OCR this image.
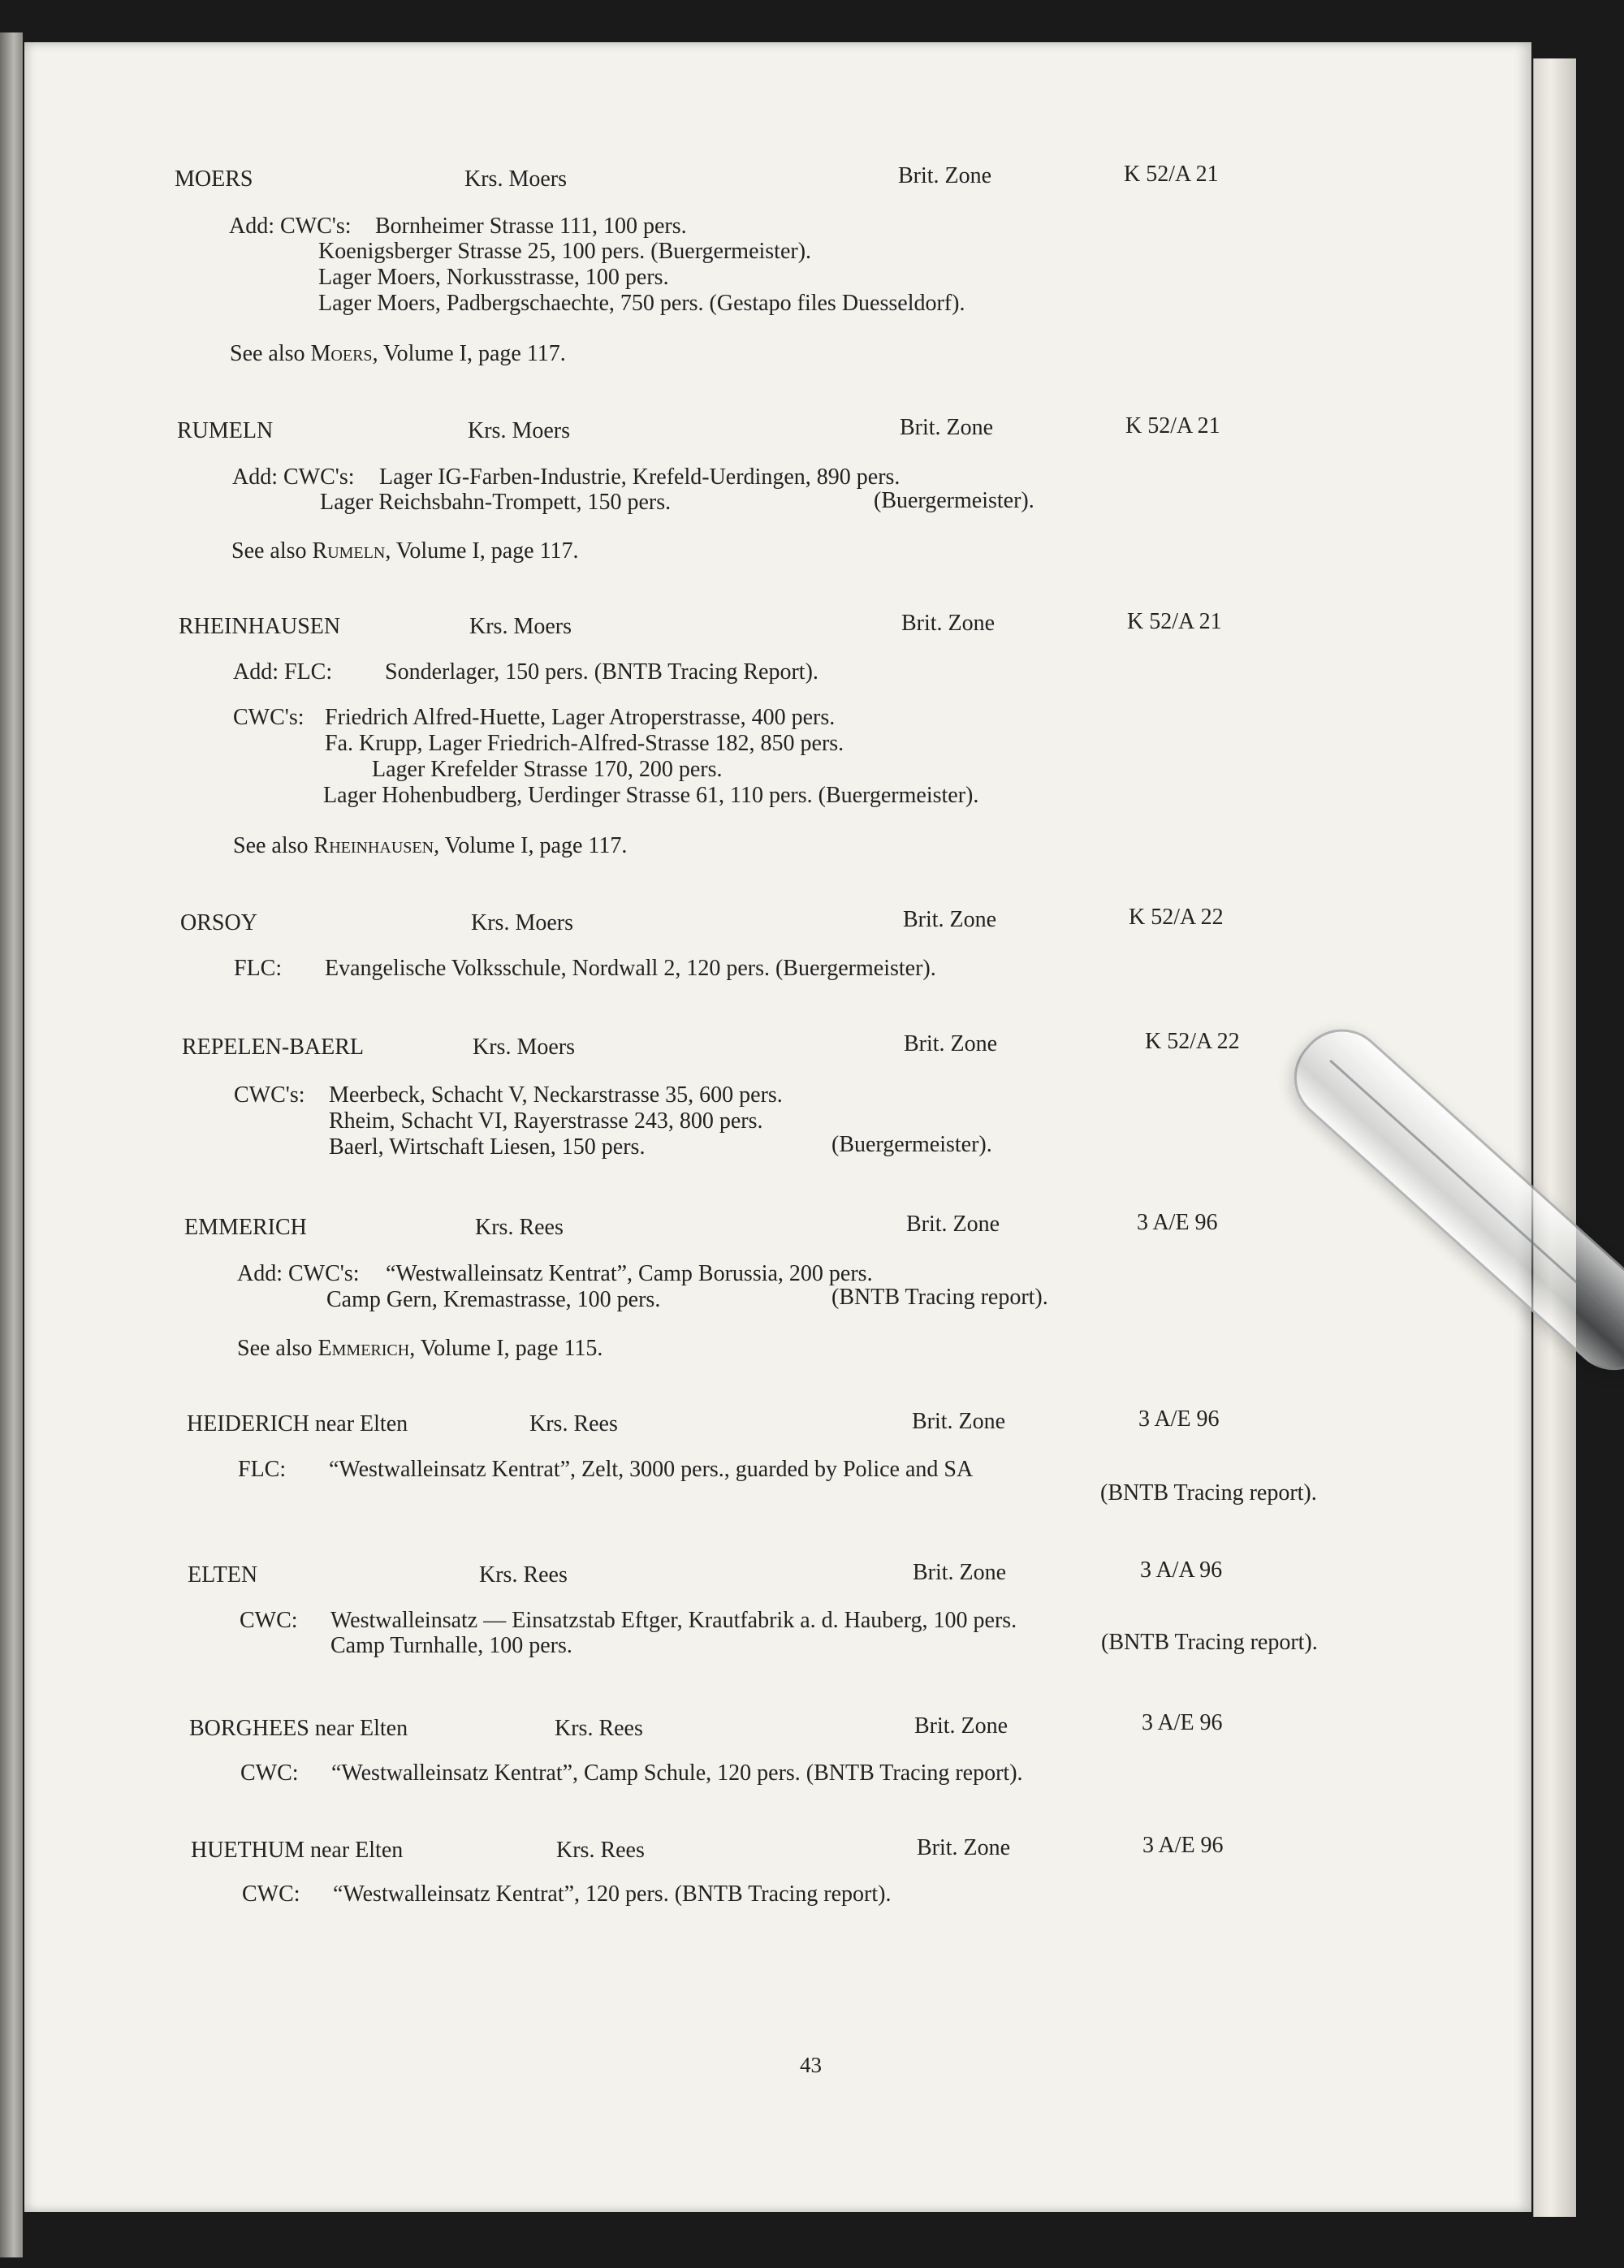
MOERS	Krs. Moers	Brit. Zone	K 52/A 21
Add: CWC's: Bornheimer Strasse 111, 100 pers.
Koenigsberger Strasse 25, 100 pers. (Buergermeister).
Lager Moers, Norkusstrasse, 100 pers.
Lager Moers, Padbergschaechte, 750 pers. (Gestapo files Duesseldorf).
See also Moers, Volume I, page 117.
RUMELN	Krs. Moers	Brit. Zone	K 52/A 21
Add: CWC's: Lager IG-Farben-Industrie, Krefeld-Uerdingen, 890 pers.
Lager Reichsbahn-Trompett, 150 pers.	(Buergermeister).
See also Rumeln, Volume I, page 117.
RHEINHAUSEN	Krs. Moers	Brit. Zone	K 52/A 21
Add: FLC: Sonderlager, 150 pers. (BNTB Tracing Report).
CWC's: Friedrich Alfred-Huette, Lager Atroperstrasse, 400 pers.
Fa. Krupp, Lager Friedrich-Alfred-Strasse 182, 850 pers.
Lager Krefelder Strasse 170, 200 pers.
Lager Hohenbudberg, Uerdinger Strasse 61, 110 pers. (Buergermeister).
See also Rheinhausen, Volume I, page 117.
ORSOY	Krs. Moers	Brit. Zone	K 52/A 22
FLC: Evangelische Volksschule, Nordwall 2, 120 pers. (Buergermeister).
REPELEN-BAERL	Krs. Moers	Brit. Zone	K 52/A 22
CWC's: Meerbeck, Schacht V, Neckarstrasse 35, 600 pers.
Rheim, Schacht VI, Rayerstrasse 243, 800 pers.
Baerl, Wirtschaft Liesen, 150 pers.	(Buergermeister).
EMMERICH	Krs. Rees	Brit. Zone	3 A/E 96
Add: CWC's: “Westwalleinsatz Kentrat”, Camp Borussia, 200 pers.
Camp Gern, Kremastrasse, 100 pers.	(BNTB Tracing report).
See also Emmerich, Volume I, page 115.
HEIDERICH near Elten	Krs. Rees	Brit. Zone	3 A/E 96
FLC: “Westwalleinsatz Kentrat”, Zelt, 3000 pers., guarded by Police and SA
(BNTB Tracing report).
ELTEN	Krs. Rees	Brit. Zone	3 A/A 96
CWC: Westwalleinsatz — Einsatzstab Eftger, Krautfabrik a. d. Hauberg, 100 pers.
Camp Turnhalle, 100 pers.	(BNTB Tracing report).
BORGHEES near Elten	Krs. Rees	Brit. Zone	3 A/E 96
CWC: “Westwalleinsatz Kentrat”, Camp Schule, 120 pers. (BNTB Tracing report).
HUETHUM near Elten	Krs. Rees	Brit. Zone	3 A/E 96
CWC: “Westwalleinsatz Kentrat”, 120 pers. (BNTB Tracing report).
43
